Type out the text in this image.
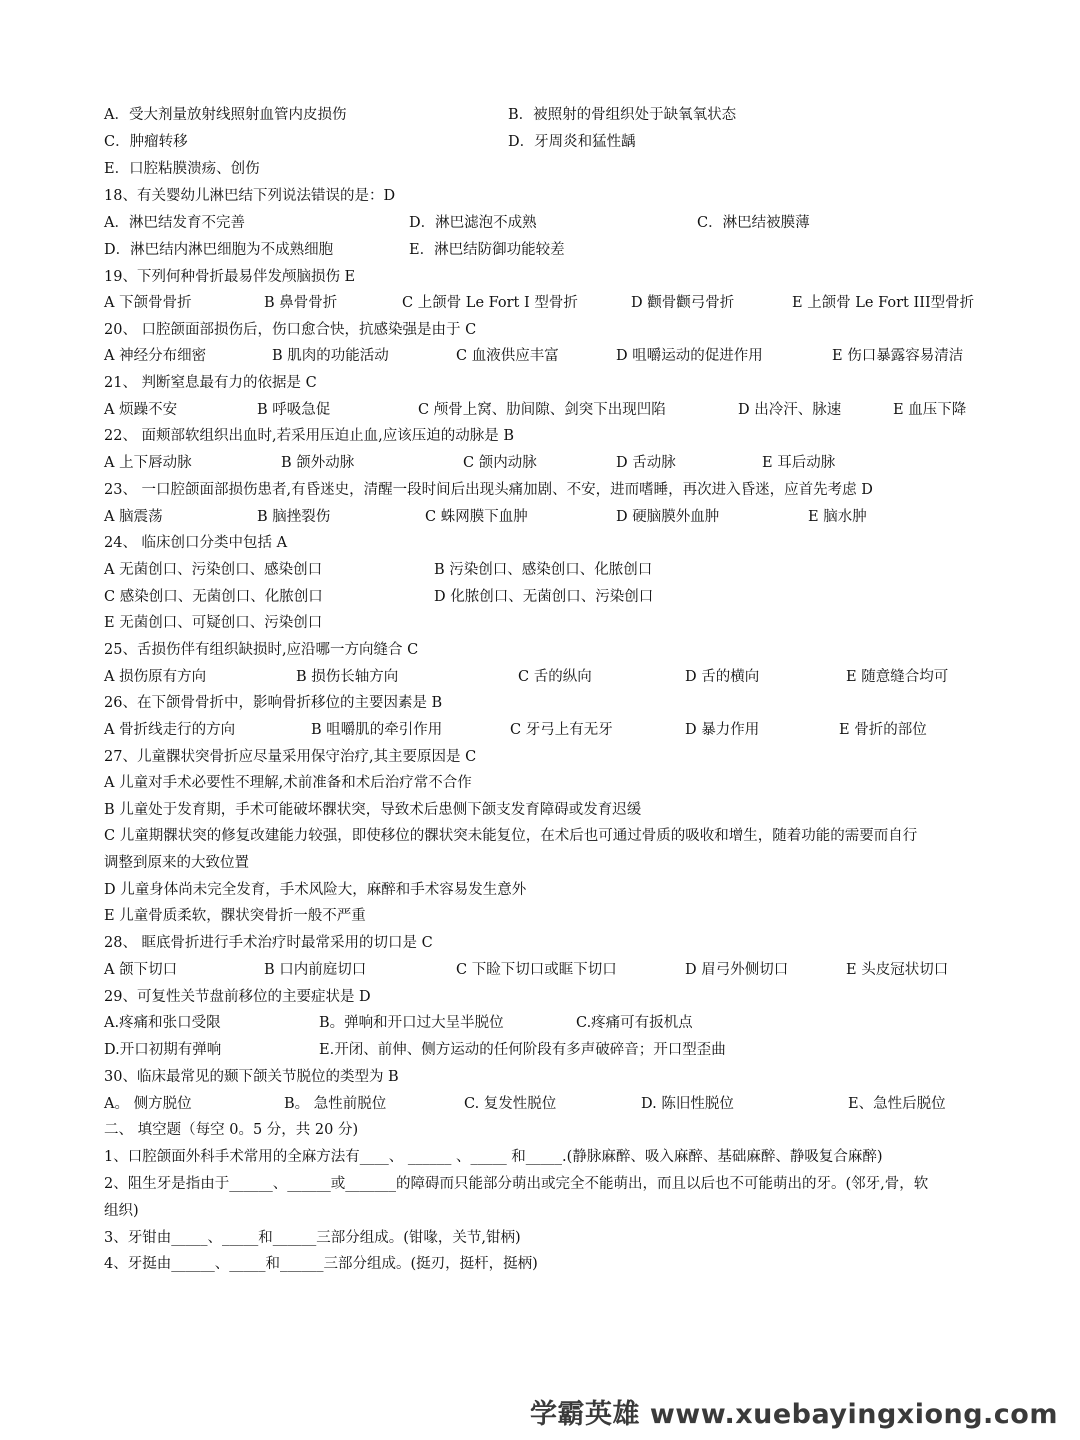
A．受大剂量放射线照射血管内皮损伤	B．被照射的骨组织处于缺氧氧状态
C．肿瘤转移	D．牙周炎和猛性龋
E．口腔粘膜溃疡、创伤
18、有关婴幼儿淋巴结下列说法错误的是：D
A．淋巴结发育不完善	D．淋巴滤泡不成熟	C．淋巴结被膜薄
D．淋巴结内淋巴细胞为不成熟细胞	E．淋巴结防御功能较差
19、下列何种骨折最易伴发颅脑损伤 E
A 下颌骨骨折	B 鼻骨骨折	C 上颌骨 Le Fort I 型骨折	D 颧骨颧弓骨折	E 上颌骨 Le Fort III型骨折
20、 口腔颌面部损伤后，伤口愈合快，抗感染强是由于 C
A 神经分布细密	B 肌肉的功能活动	C 血液供应丰富	D 咀嚼运动的促进作用	E 伤口暴露容易清洁
21、 判断窒息最有力的依据是 C
A 烦躁不安	B 呼吸急促	C 颅骨上窝、肋间隙、剑突下出现凹陷	D 出冷汗、脉速	E 血压下降
22、 面颊部软组织出血时,若采用压迫止血,应该压迫的动脉是 B
A 上下唇动脉	B 颌外动脉	C 颌内动脉	D 舌动脉	E 耳后动脉
23、 一口腔颌面部损伤患者,有昏迷史，清醒一段时间后出现头痛加剧、不安，进而嗜睡，再次进入昏迷，应首先考虑 D
A 脑震荡	B 脑挫裂伤	C 蛛网膜下血肿	D 硬脑膜外血肿	E 脑水肿
24、 临床创口分类中包括 A
A 无菌创口、污染创口、感染创口	B 污染创口、感染创口、化脓创口
C 感染创口、无菌创口、化脓创口	D 化脓创口、无菌创口、污染创口
E 无菌创口、可疑创口、污染创口
25、舌损伤伴有组织缺损时,应沿哪一方向缝合 C
A 损伤原有方向	B 损伤长轴方向	C 舌的纵向	D 舌的横向	E 随意缝合均可
26、在下颌骨骨折中，影响骨折移位的主要因素是 B
A 骨折线走行的方向	B 咀嚼肌的牵引作用	C 牙弓上有无牙	D 暴力作用	E 骨折的部位
27、儿童髁状突骨折应尽量采用保守治疗,其主要原因是 C
A 儿童对手术必要性不理解,术前准备和术后治疗常不合作
B 儿童处于发育期，手术可能破坏髁状突，导致术后患侧下颌支发育障碍或发育迟缓
C 儿童期髁状突的修复改建能力较强，即使移位的髁状突未能复位，在术后也可通过骨质的吸收和增生，随着功能的需要而自行
调整到原来的大致位置
D 儿童身体尚未完全发育，手术风险大，麻醉和手术容易发生意外
E 儿童骨质柔软，髁状突骨折一般不严重
28、 眶底骨折进行手术治疗时最常采用的切口是 C
A 颌下切口	B 口内前庭切口	C 下睑下切口或眶下切口	D 眉弓外侧切口	E 头皮冠状切口
29、可复性关节盘前移位的主要症状是 D
A.疼痛和张口受限	B。弹响和开口过大呈半脱位	C.疼痛可有扳机点
D.开口初期有弹响	E.开闭、前伸、侧方运动的任何阶段有多声破碎音；开口型歪曲
30、临床最常见的颞下颌关节脱位的类型为 B
A。 侧方脱位	B。 急性前脱位	C. 复发性脱位	D. 陈旧性脱位	E、急性后脱位
二、 填空题（每空 0。5 分，共 20 分)
1、口腔颌面外科手术常用的全麻方法有____、 ______ 、_____ 和_____.(静脉麻醉、吸入麻醉、基础麻醉、静吸复合麻醉)
2、阻生牙是指由于______、______或_______的障碍而只能部分萌出或完全不能萌出，而且以后也不可能萌出的牙。(邻牙,骨，软
组织)
3、牙钳由_____、_____和______三部分组成。(钳喙，关节,钳柄)
4、牙挺由______、_____和______三部分组成。(挺刃，挺杆，挺柄)
学霸英雄 www.xuebayingxiong.com
